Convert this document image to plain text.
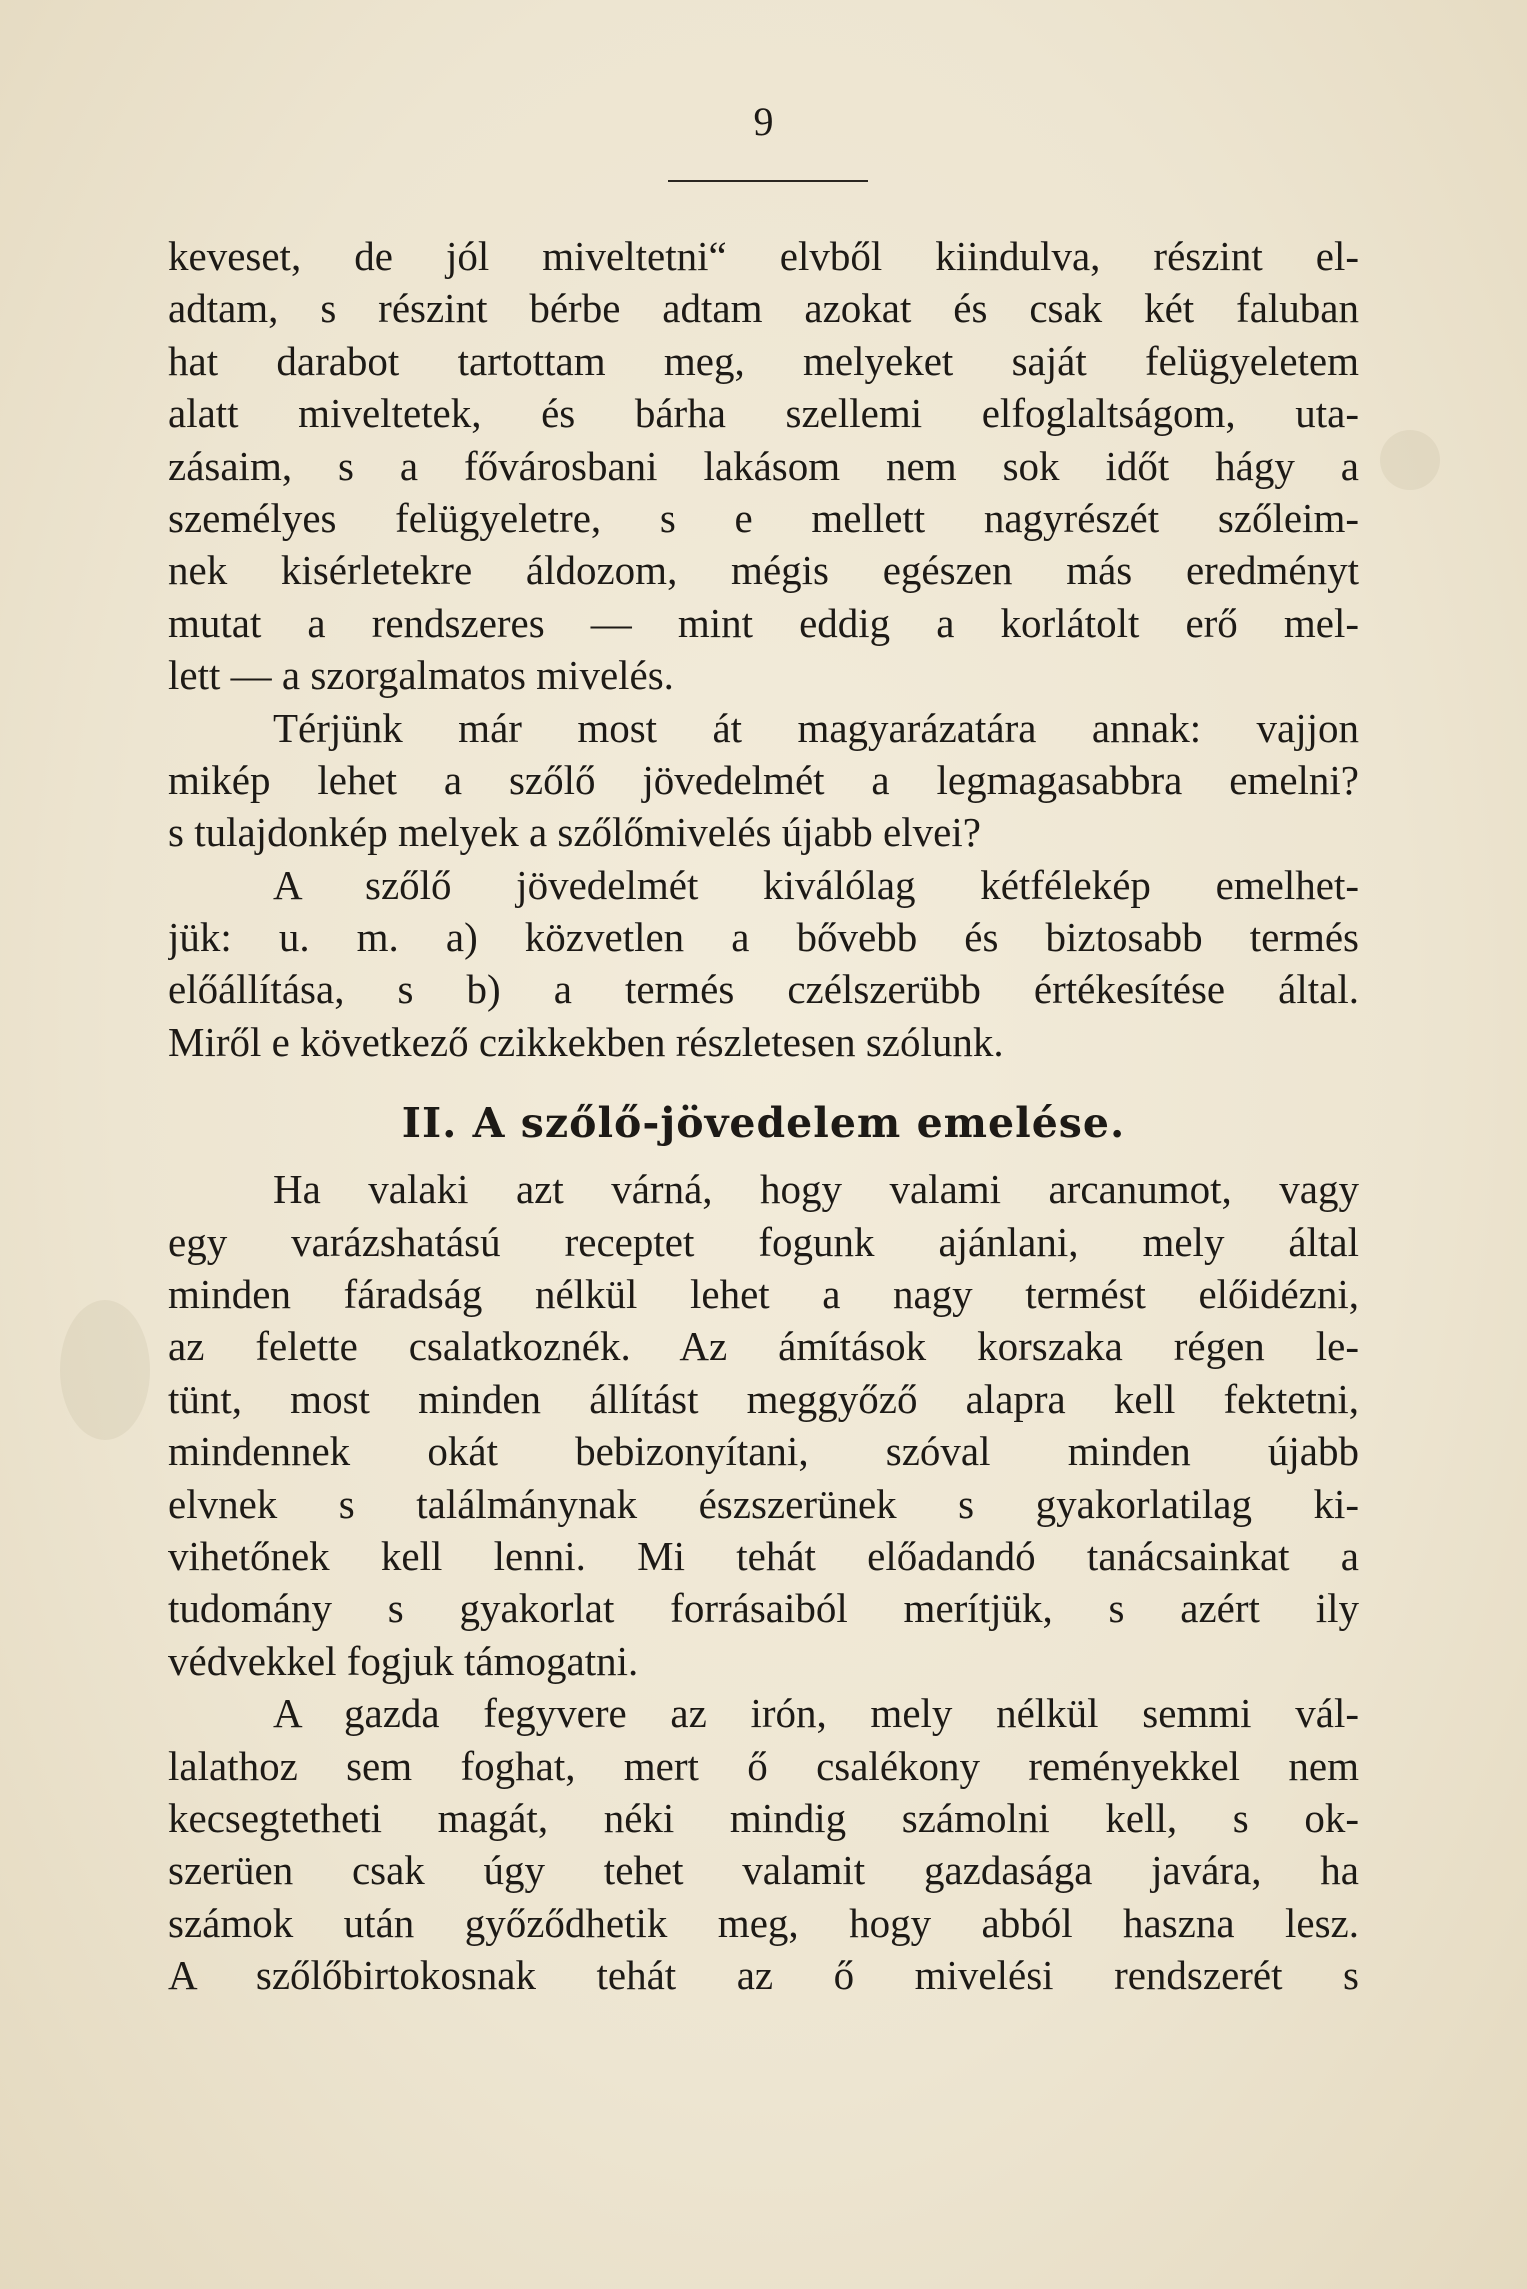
9
keveset, de jól miveltetni“ elvből kiindulva, részint el-
adtam, s részint bérbe adtam azokat és csak két faluban
hat darabot tartottam meg, melyeket saját felügyeletem
alatt miveltetek, és bárha szellemi elfoglaltságom, uta-
zásaim, s a fővárosbani lakásom nem sok időt hágy a
személyes felügyeletre, s e mellett nagyrészét szőleim-
nek kisérletekre áldozom, mégis egészen más eredményt
mutat a rendszeres — mint eddig a korlátolt erő mel-
lett — a szorgalmatos mivelés.
Térjünk már most át magyarázatára annak: vajjon
mikép lehet a szőlő jövedelmét a legmagasabbra emelni?
s tulajdonkép melyek a szőlőmivelés újabb elvei?
A szőlő jövedelmét kiválólag kétfélekép emelhet-
jük: u. m. a) közvetlen a bővebb és biztosabb termés
előállítása, s b) a termés czélszerübb értékesítése által.
Miről e következő czikkekben részletesen szólunk.
II. A szőlő-jövedelem emelése.
Ha valaki azt várná, hogy valami arcanumot, vagy
egy varázshatású receptet fogunk ajánlani, mely által
minden fáradság nélkül lehet a nagy termést előidézni,
az felette csalatkoznék. Az ámítások korszaka régen le-
tünt, most minden állítást meggyőző alapra kell fektetni,
mindennek okát bebizonyítani, szóval minden újabb
elvnek s találmánynak észszerünek s gyakorlatilag ki-
vihetőnek kell lenni. Mi tehát előadandó tanácsainkat a
tudomány s gyakorlat forrásaiból merítjük, s azért ily
védvekkel fogjuk támogatni.
A gazda fegyvere az irón, mely nélkül semmi vál-
lalathoz sem foghat, mert ő csalékony reményekkel nem
kecsegtetheti magát, néki mindig számolni kell, s ok-
szerüen csak úgy tehet valamit gazdasága javára, ha
számok után győződhetik meg, hogy abból haszna lesz.
A szőlőbirtokosnak tehát az ő mivelési rendszerét s
